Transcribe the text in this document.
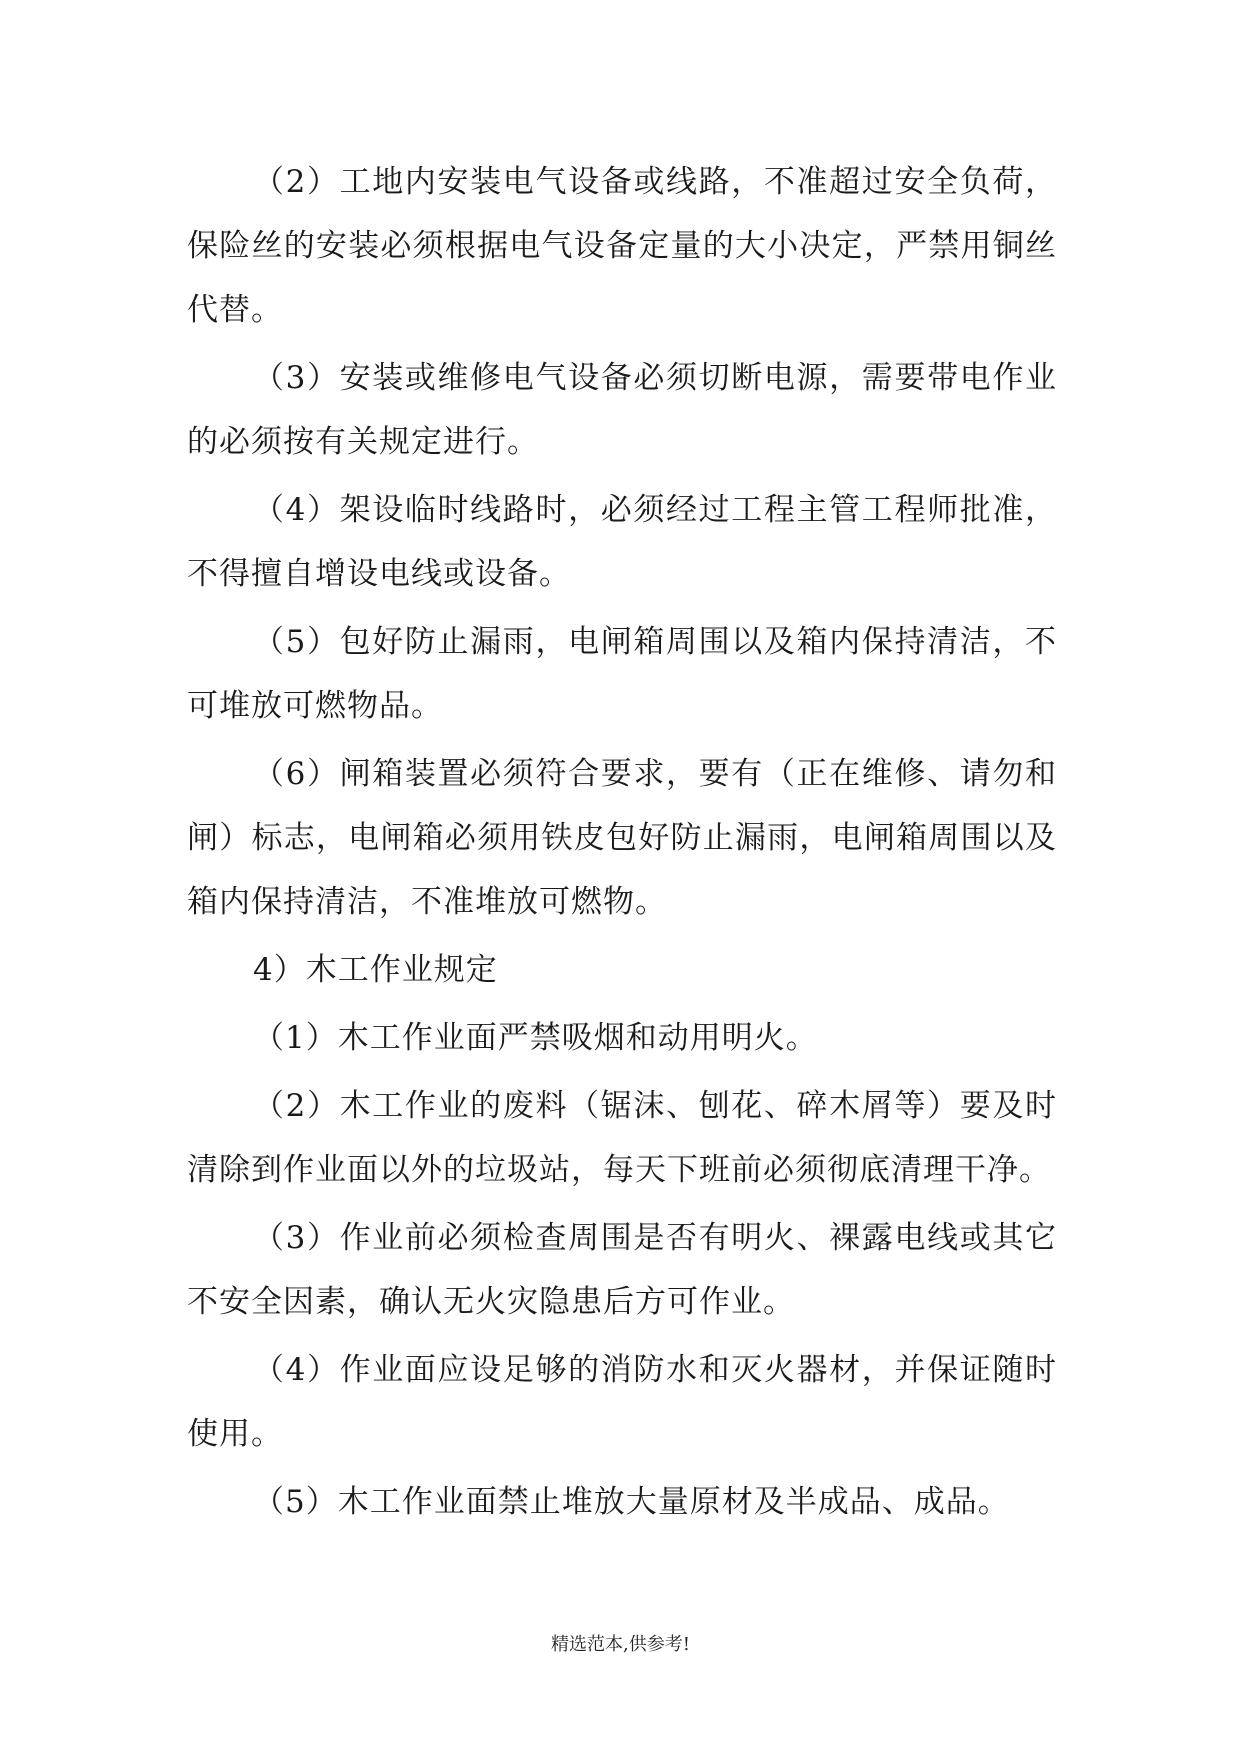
（2）工地内安装电气设备或线路，不准超过安全负荷，保险丝的安装必须根据电气设备定量的大小决定，严禁用铜丝代替。

（3）安装或维修电气设备必须切断电源，需要带电作业的必须按有关规定进行。

（4）架设临时线路时，必须经过工程主管工程师批准，不得擅自增设电线或设备。

（5）包好防止漏雨，电闸箱周围以及箱内保持清洁，不可堆放可燃物品。

（6）闸箱装置必须符合要求，要有（正在维修、请勿和闸）标志，电闸箱必须用铁皮包好防止漏雨，电闸箱周围以及箱内保持清洁，不准堆放可燃物。

4）木工作业规定

（1）木工作业面严禁吸烟和动用明火。

（2）木工作业的废料（锯沫、刨花、碎木屑等）要及时清除到作业面以外的垃圾站，每天下班前必须彻底清理干净。

（3）作业前必须检查周围是否有明火、裸露电线或其它不安全因素，确认无火灾隐患后方可作业。

（4）作业面应设足够的消防水和灭火器材，并保证随时使用。

（5）木工作业面禁止堆放大量原材及半成品、成品。

精选范本,供参考!
